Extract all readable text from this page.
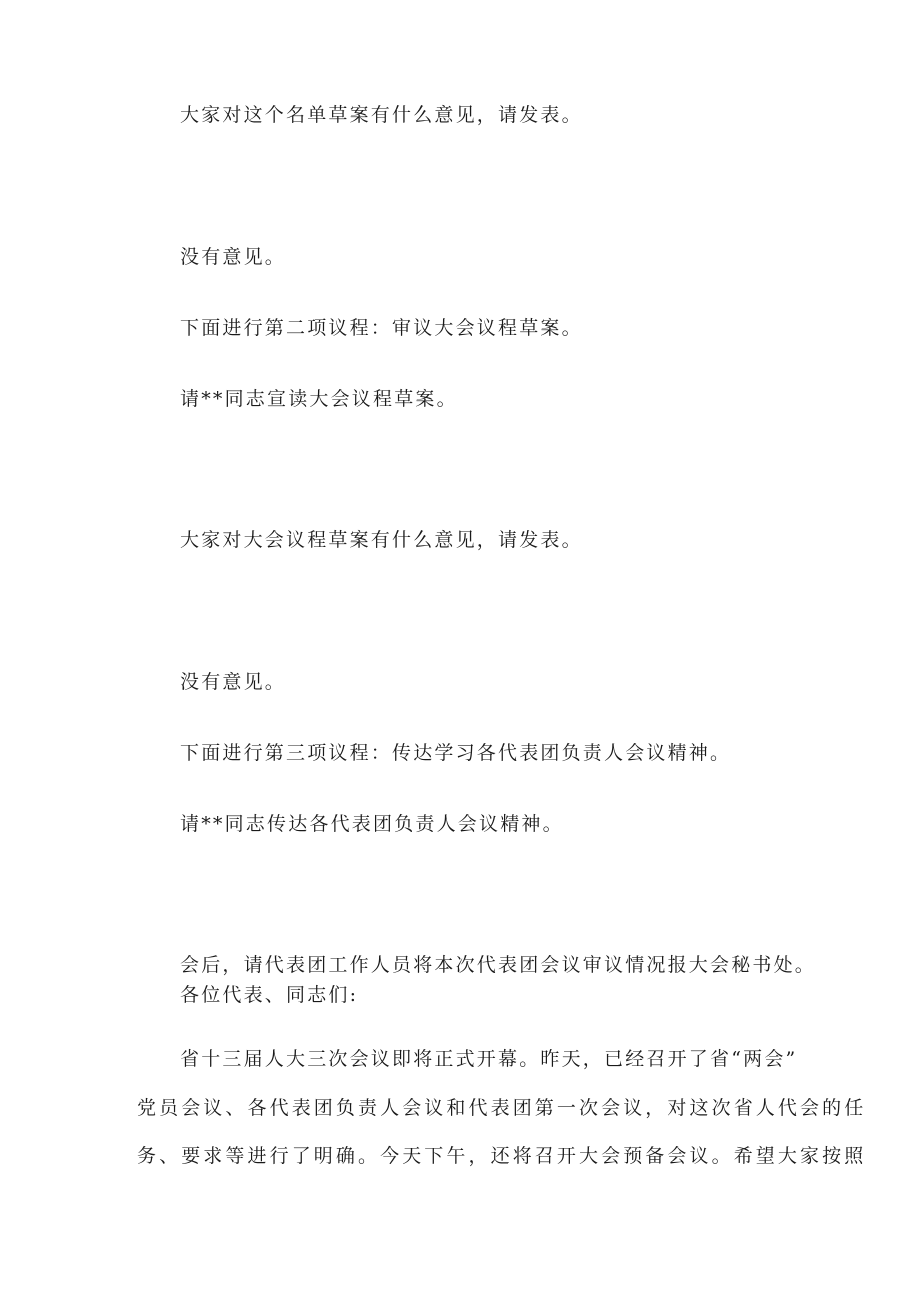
大家对这个名单草案有什么意见，请发表。
没有意见。
下面进行第二项议程：审议大会议程草案。
请**同志宣读大会议程草案。
大家对大会议程草案有什么意见，请发表。
没有意见。
下面进行第三项议程：传达学习各代表团负责人会议精神。
请**同志传达各代表团负责人会议精神。
会后，请代表团工作人员将本次代表团会议审议情况报大会秘书处。
各位代表、同志们:
省十三届人大三次会议即将正式开幕。昨天，已经召开了省“两会”
党员会议、各代表团负责人会议和代表团第一次会议，对这次省人代会的任
务、要求等进行了明确。今天下午，还将召开大会预备会议。希望大家按照
